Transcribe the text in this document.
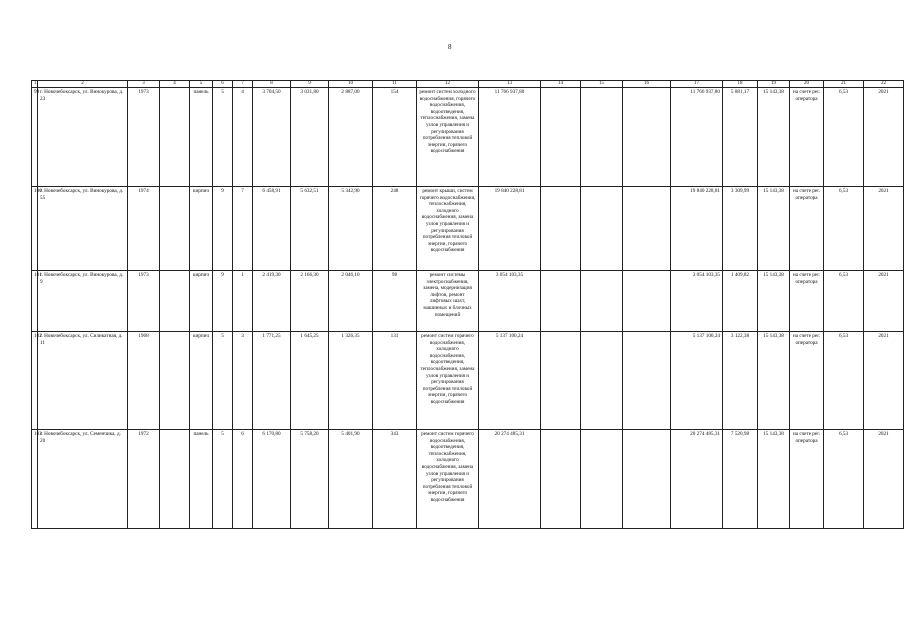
8
1	2	3	4	5	6	7	8	9	10	11	12	13	14	15	16	17	18	19	20	21	22
99	г. Новочебоксарск, ул. Винокурова, д. 23	1973		панель	5	4	3 704,50	3 031,80	2 887,00	154	ремонт систем холодного водоснабжения, горячего водоснабжения, водоотведения, теплоснабжения, замена узлов управления и регулирования потребления тепловой энергии, горячего водоснабжения	11 766 937,80				11 766 937,80	5 881,17	15 143,38	на счете рег. оператора	6,53	2021
100	г. Новочебоксарск, ул. Винокурова, д. 55	1974		кирпич	9	7	6 458,91	5 632,51	5 342,90	248	ремонт крыши, систем горячего водоснабжения, теплоснабжения, холодного водоснабжения, замена узлов управления и регулирования потребления тепловой энергии, горячего водоснабжения	19 840 228,81				19 840 228,81	3 309,99	15 143,38	на счете рег. оператора	6,53	2021
101	г. Новочебоксарск, ул. Винокурова, д. 9	1973		кирпич	9	1	2 419,30	2 166,30	2 046,10	98	ремонт системы электроснабжения, замена, модернизация лифтов, ремонт лифтовых шахт, машинных и блочных помещений	3 054 103,35				3 054 103,35	1 409,82	15 143,38	на счете рег. оператора	6,53	2021
102	г. Новочебоксарск, ул. Силикатная, д. 11	1968		кирпич	5	3	1 771,25	1 645,25	1 326,35	131	ремонт систем горячего водоснабжения, холодного водоснабжения, водоотведения, теплоснабжения, замена узлов управления и регулирования потребления тепловой энергии, горячего водоснабжения	5 137 100,24				5 137 100,24	3 122,38	15 143,38	на счете рег. оператора	6,53	2021
103	г. Новочебоксарск, ул. Семенчика, д. 20	1972		панель	5	6	6 170,80	5 758,20	5 401,90	343	ремонт систем горячего водоснабжения, водоотведения, теплоснабжения, холодного водоснабжения, замена узлов управления и регулирования потребления тепловой энергии, горячего водоснабжения	20 274 485,31				20 274 485,31	7 520,98	15 143,38	на счете рег. оператора	6,53	2021
